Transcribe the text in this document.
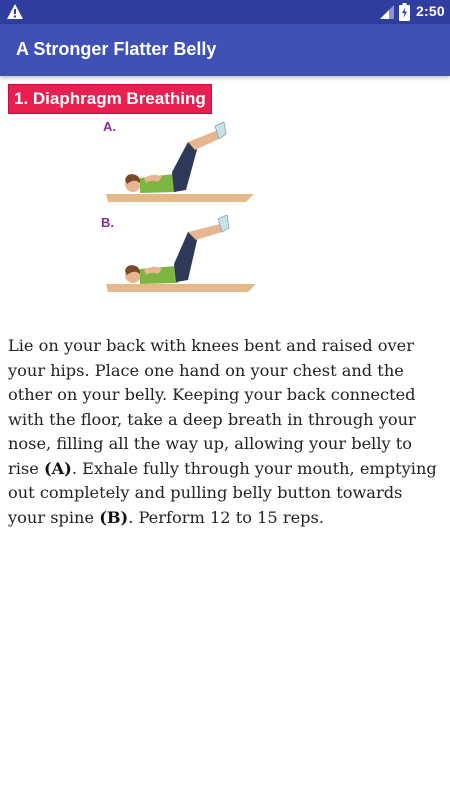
2:50
A Stronger Flatter Belly
1. Diaphragm Breathing
A.
B.

Lie on your back with knees bent and raised over your hips. Place one hand on your chest and the other on your belly. Keeping your back connected with the floor, take a deep breath in through your nose, filling all the way up, allowing your belly to rise (A). Exhale fully through your mouth, emptying out completely and pulling belly button towards your spine (B). Perform 12 to 15 reps.
